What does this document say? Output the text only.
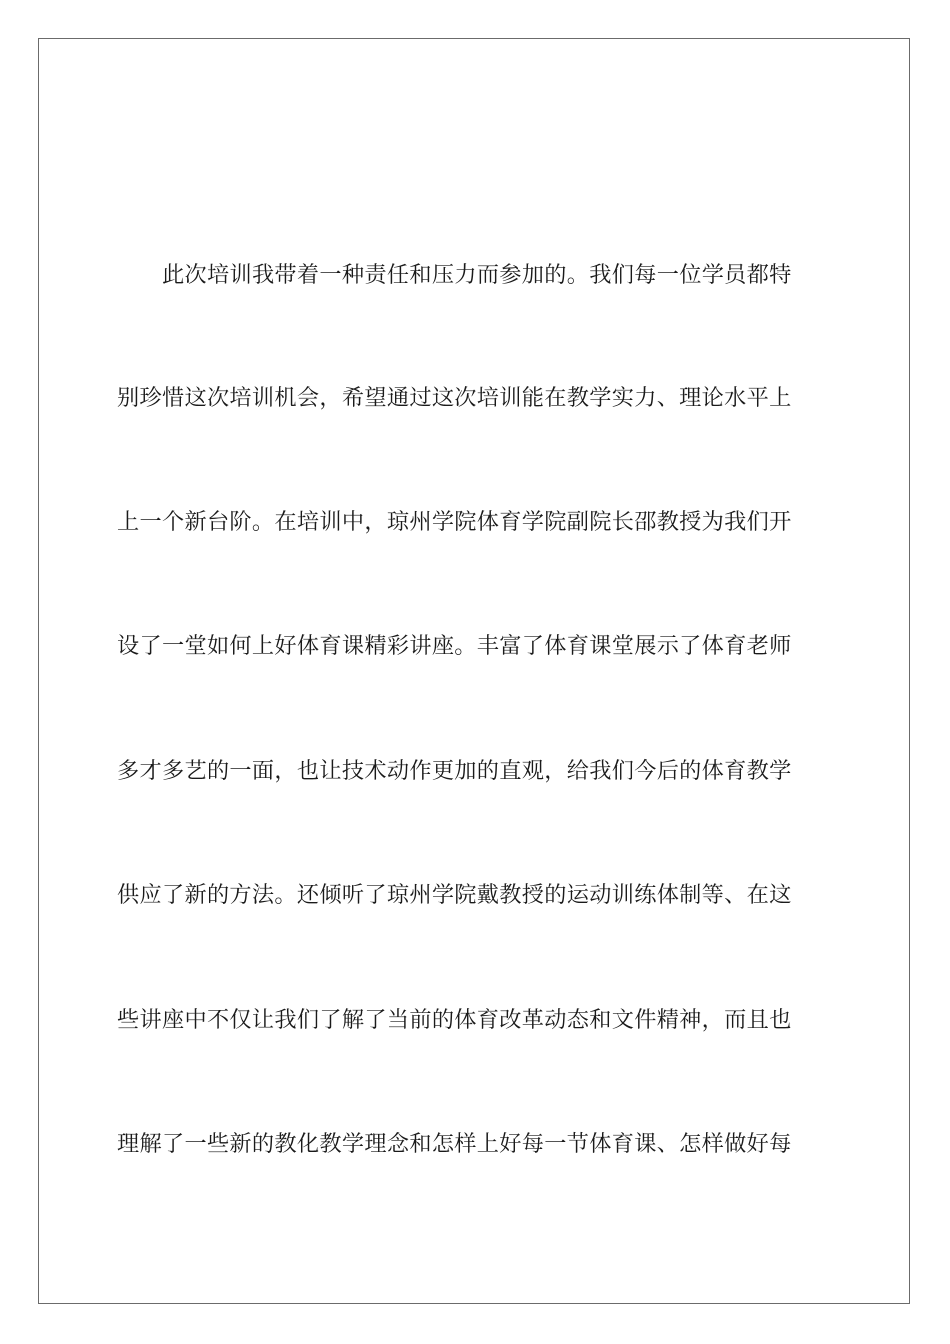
此次培训我带着一种责任和压力而参加的。我们每一位学员都特
别珍惜这次培训机会，希望通过这次培训能在教学实力、理论水平上
上一个新台阶。在培训中，琼州学院体育学院副院长邵教授为我们开
设了一堂如何上好体育课精彩讲座。丰富了体育课堂展示了体育老师
多才多艺的一面，也让技术动作更加的直观，给我们今后的体育教学
供应了新的方法。还倾听了琼州学院戴教授的运动训练体制等、在这
些讲座中不仅让我们了解了当前的体育改革动态和文件精神，而且也
理解了一些新的教化教学理念和怎样上好每一节体育课、怎样做好每
